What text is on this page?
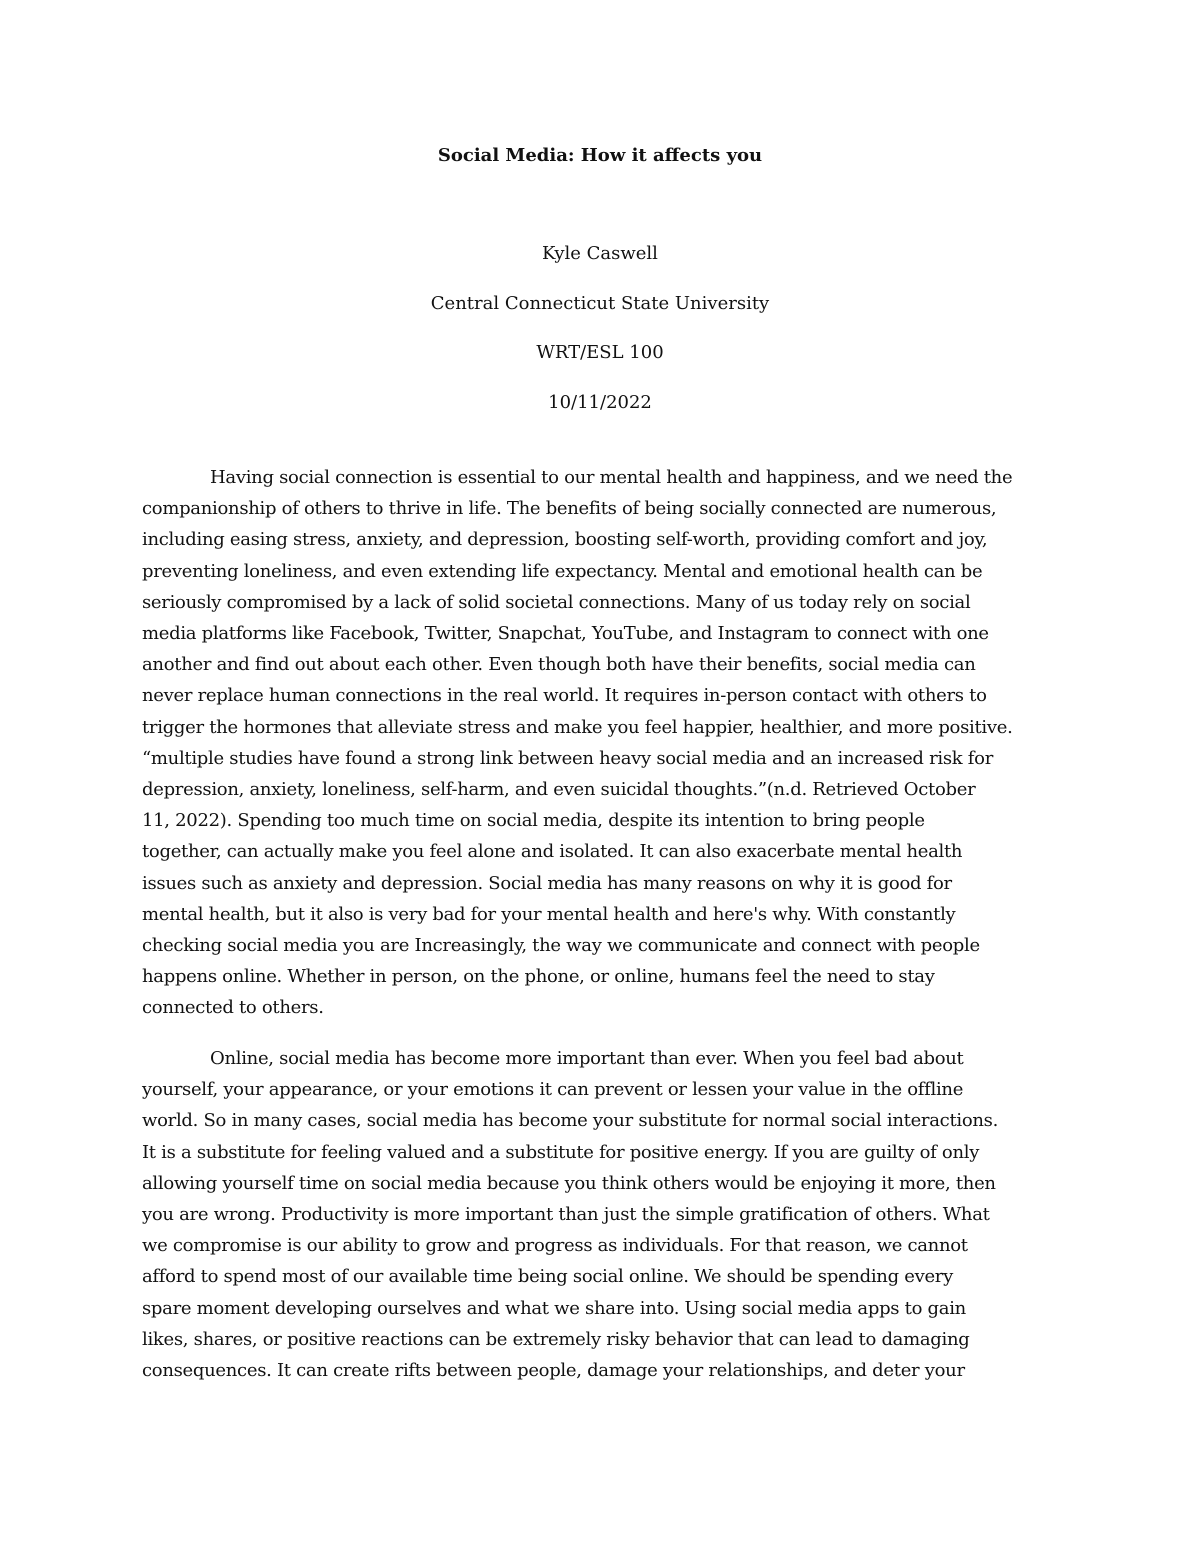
Social Media: How it affects you
Kyle Caswell
Central Connecticut State University
WRT/ESL 100
10/11/2022
Having social connection is essential to our mental health and happiness, and we need the
companionship of others to thrive in life. The benefits of being socially connected are numerous,
including easing stress, anxiety, and depression, boosting self-worth, providing comfort and joy,
preventing loneliness, and even extending life expectancy. Mental and emotional health can be
seriously compromised by a lack of solid societal connections. Many of us today rely on social
media platforms like Facebook, Twitter, Snapchat, YouTube, and Instagram to connect with one
another and find out about each other. Even though both have their benefits, social media can
never replace human connections in the real world. It requires in-person contact with others to
trigger the hormones that alleviate stress and make you feel happier, healthier, and more positive.
“multiple studies have found a strong link between heavy social media and an increased risk for
depression, anxiety, loneliness, self-harm, and even suicidal thoughts.”(n.d. Retrieved October
11, 2022). Spending too much time on social media, despite its intention to bring people
together, can actually make you feel alone and isolated. It can also exacerbate mental health
issues such as anxiety and depression. Social media has many reasons on why it is good for
mental health, but it also is very bad for your mental health and here's why. With constantly
checking social media you are Increasingly, the way we communicate and connect with people
happens online. Whether in person, on the phone, or online, humans feel the need to stay
connected to others.
Online, social media has become more important than ever. When you feel bad about
yourself, your appearance, or your emotions it can prevent or lessen your value in the offline
world. So in many cases, social media has become your substitute for normal social interactions.
It is a substitute for feeling valued and a substitute for positive energy. If you are guilty of only
allowing yourself time on social media because you think others would be enjoying it more, then
you are wrong. Productivity is more important than just the simple gratification of others. What
we compromise is our ability to grow and progress as individuals. For that reason, we cannot
afford to spend most of our available time being social online. We should be spending every
spare moment developing ourselves and what we share into. Using social media apps to gain
likes, shares, or positive reactions can be extremely risky behavior that can lead to damaging
consequences. It can create rifts between people, damage your relationships, and deter your
